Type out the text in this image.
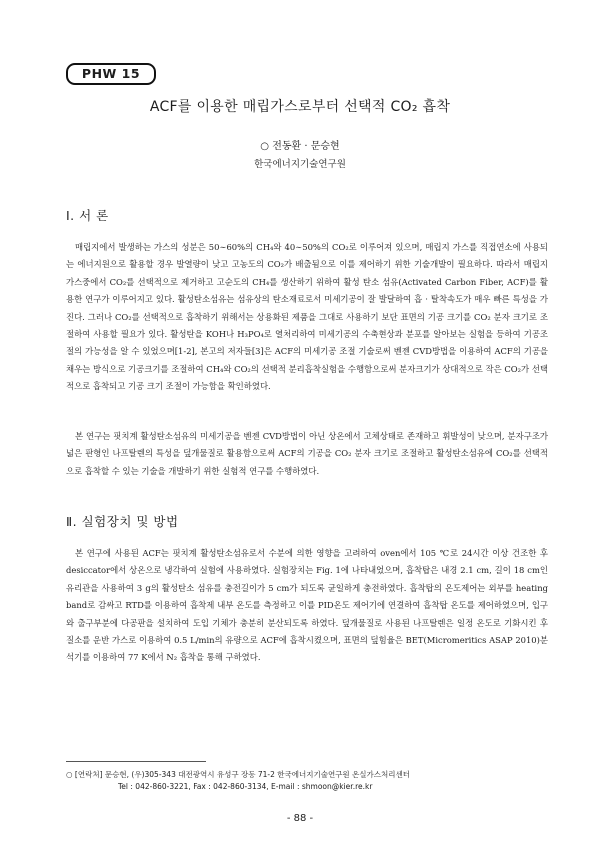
PHW 15
ACF를 이용한 매립가스로부터 선택적 CO₂ 흡착
○ 전동환 · 문승현
한국에너지기술연구원
Ⅰ. 서 론

매립지에서 발생하는 가스의 성분은 50∼60%의 CH₄와 40∼50%의 CO₂로 이루어져 있으며, 매립지 가스를 직접연소에 사용되는 에너지원으로 활용할 경우 발열량이 낮고 고농도의 CO₂가 배출됨으로 이를 제어하기 위한 기술개발이 필요하다. 따라서 매립지 가스중에서 CO₂를 선택적으로 제거하고 고순도의 CH₄를 생산하기 위하여 활성 탄소 섬유(Activated Carbon Fiber, ACF)를 활용한 연구가 이루어지고 있다. 활성탄소섬유는 섬유상의 탄소재료로서 미세기공이 잘 발달하여 흡 · 탈착속도가 매우 빠른 특성을 가진다. 그러나 CO₂를 선택적으로 흡착하기 위해서는 상용화된 제품을 그대로 사용하기 보단 표면의 기공 크기를 CO₂ 분자 크기로 조절하여 사용할 필요가 있다. 활성탄을 KOH나 H₃PO₄로 열처리하여 미세기공의 수축현상과 분포를 알아보는 실험을 등하여 기공조절의 가능성을 알 수 있었으며[1-2], 본고의 저자들[3]은 ACF의 미세기공 조절 기술로써 벤젠 CVD방법을 이용하여 ACF의 기공을 채우는 방식으로 기공크기를 조절하여 CH₄와 CO₂의 선택적 분리흡착실험을 수행함으로써 분자크기가 상대적으로 작은 CO₂가 선택적으로 흡착되고 기공 크기 조절이 가능함을 확인하였다.

본 연구는 핏치계 활성탄소섬유의 미세기공을 벤젠 CVD방법이 아닌 상온에서 고체상태로 존재하고 휘발성이 낮으며, 분자구조가 넓은 판형인 나프탈렌의 특성을 덮개물질로 활용함으로써 ACF의 기공을 CO₂ 분자 크기로 조절하고 활성탄소섬유에 CO₂를 선택적으로 흡착할 수 있는 기술을 개발하기 위한 실험적 연구를 수행하였다.

Ⅱ. 실험장치 및 방법

본 연구에 사용된 ACF는 핏치계 활성탄소섬유로서 수분에 의한 영향을 고려하여 oven에서 105 ℃로 24시간 이상 건조한 후 desiccator에서 상온으로 냉각하여 실험에 사용하였다. 실험장치는 Fig. 1에 나타내었으며, 흡착탑은 내경 2.1 cm, 길이 18 cm인 유리관을 사용하여 3 g의 활성탄소 섬유를 충전길이가 5 cm가 되도록 균일하게 충전하였다. 흡착탑의 온도제어는 외부를 heating band로 감싸고 RTD를 이용하여 흡착제 내부 온도를 측정하고 이를 PID온도 제어기에 연결하여 흡착탑 온도를 제어하였으며, 입구와 출구부분에 다공판을 설치하여 도입 기체가 충분히 분산되도록 하였다. 덮개물질로 사용된 나프탈렌은 일정 온도로 기화시킨 후 질소를 운반 가스로 이용하여 0.5 L/min의 유량으로 ACF에 흡착시켰으며, 표면의 덮힘율은 BET(Micromeritics ASAP 2010)분석기를 이용하여 77 K에서 N₂ 흡착을 통해 구하였다.

○ [연락처] 문승현, (우)305-343 대전광역시 유성구 장동 71-2 한국에너지기술연구원 온실가스처리센터
Tel : 042-860-3221, Fax : 042-860-3134, E-mail : shmoon@kier.re.kr
- 88 -
